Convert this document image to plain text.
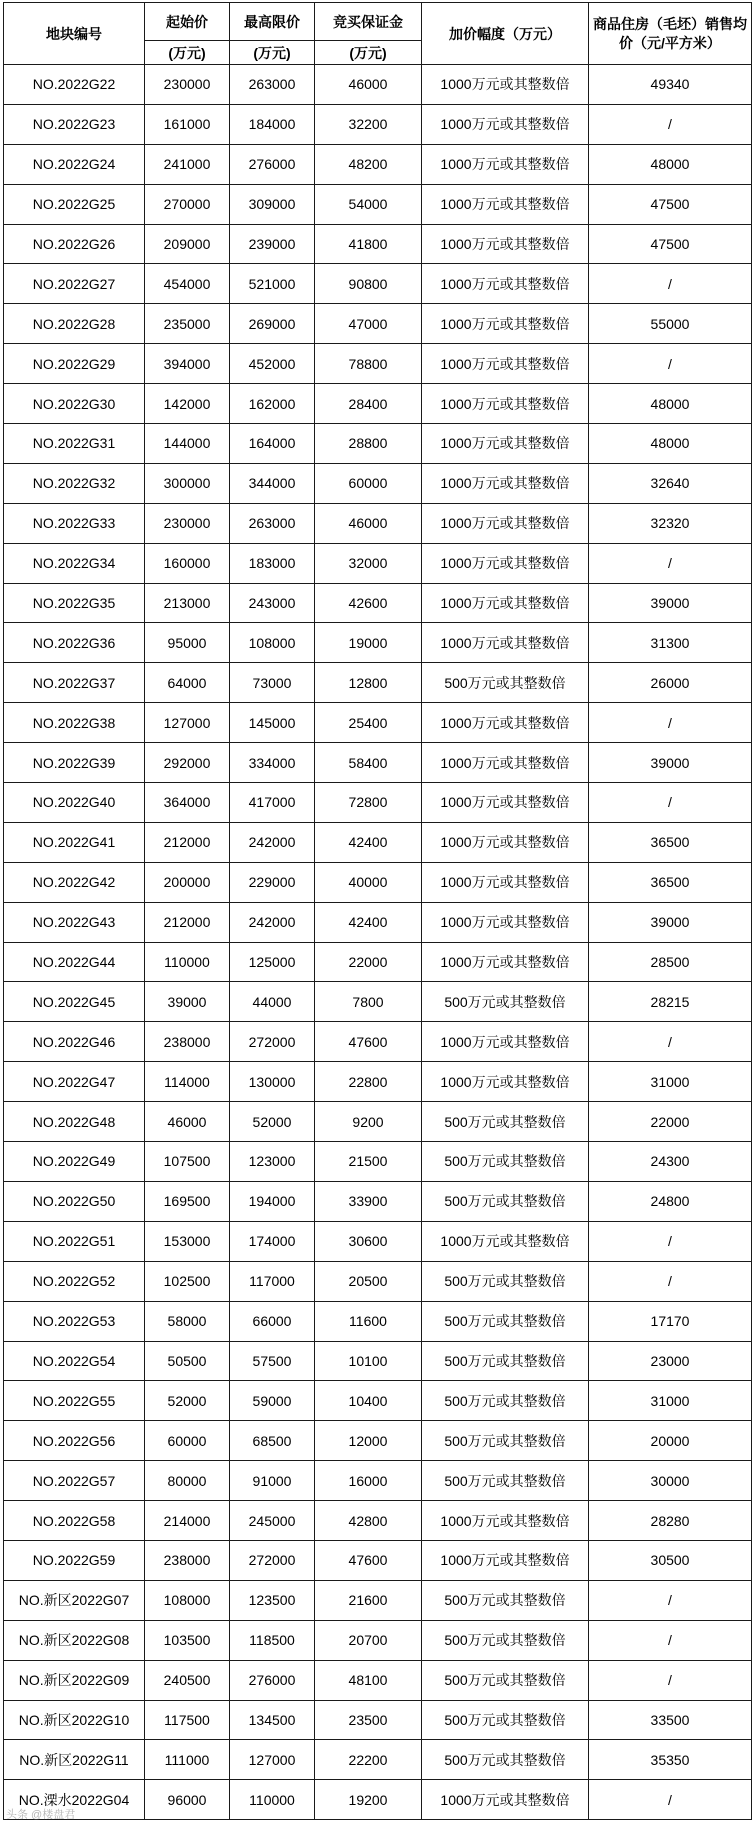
地块编号	起始价	最高限价	竞买保证金	加价幅度（万元）	商品住房（毛坯）销售均价（元/平方米）
	(万元)	(万元)	(万元)		
NO.2022G22	230000	263000	46000	1000万元或其整数倍	49340
NO.2022G23	161000	184000	32200	1000万元或其整数倍	/
NO.2022G24	241000	276000	48200	1000万元或其整数倍	48000
NO.2022G25	270000	309000	54000	1000万元或其整数倍	47500
NO.2022G26	209000	239000	41800	1000万元或其整数倍	47500
NO.2022G27	454000	521000	90800	1000万元或其整数倍	/
NO.2022G28	235000	269000	47000	1000万元或其整数倍	55000
NO.2022G29	394000	452000	78800	1000万元或其整数倍	/
NO.2022G30	142000	162000	28400	1000万元或其整数倍	48000
NO.2022G31	144000	164000	28800	1000万元或其整数倍	48000
NO.2022G32	300000	344000	60000	1000万元或其整数倍	32640
NO.2022G33	230000	263000	46000	1000万元或其整数倍	32320
NO.2022G34	160000	183000	32000	1000万元或其整数倍	/
NO.2022G35	213000	243000	42600	1000万元或其整数倍	39000
NO.2022G36	95000	108000	19000	1000万元或其整数倍	31300
NO.2022G37	64000	73000	12800	500万元或其整数倍	26000
NO.2022G38	127000	145000	25400	1000万元或其整数倍	/
NO.2022G39	292000	334000	58400	1000万元或其整数倍	39000
NO.2022G40	364000	417000	72800	1000万元或其整数倍	/
NO.2022G41	212000	242000	42400	1000万元或其整数倍	36500
NO.2022G42	200000	229000	40000	1000万元或其整数倍	36500
NO.2022G43	212000	242000	42400	1000万元或其整数倍	39000
NO.2022G44	110000	125000	22000	1000万元或其整数倍	28500
NO.2022G45	39000	44000	7800	500万元或其整数倍	28215
NO.2022G46	238000	272000	47600	1000万元或其整数倍	/
NO.2022G47	114000	130000	22800	1000万元或其整数倍	31000
NO.2022G48	46000	52000	9200	500万元或其整数倍	22000
NO.2022G49	107500	123000	21500	500万元或其整数倍	24300
NO.2022G50	169500	194000	33900	500万元或其整数倍	24800
NO.2022G51	153000	174000	30600	1000万元或其整数倍	/
NO.2022G52	102500	117000	20500	500万元或其整数倍	/
NO.2022G53	58000	66000	11600	500万元或其整数倍	17170
NO.2022G54	50500	57500	10100	500万元或其整数倍	23000
NO.2022G55	52000	59000	10400	500万元或其整数倍	31000
NO.2022G56	60000	68500	12000	500万元或其整数倍	20000
NO.2022G57	80000	91000	16000	500万元或其整数倍	30000
NO.2022G58	214000	245000	42800	1000万元或其整数倍	28280
NO.2022G59	238000	272000	47600	1000万元或其整数倍	30500
NO.新区2022G07	108000	123500	21600	500万元或其整数倍	/
NO.新区2022G08	103500	118500	20700	500万元或其整数倍	/
NO.新区2022G09	240500	276000	48100	500万元或其整数倍	/
NO.新区2022G10	117500	134500	23500	500万元或其整数倍	33500
NO.新区2022G11	111000	127000	22200	500万元或其整数倍	35350
NO.溧水2022G04	96000	110000	19200	1000万元或其整数倍	/
头条 @楼盘君
